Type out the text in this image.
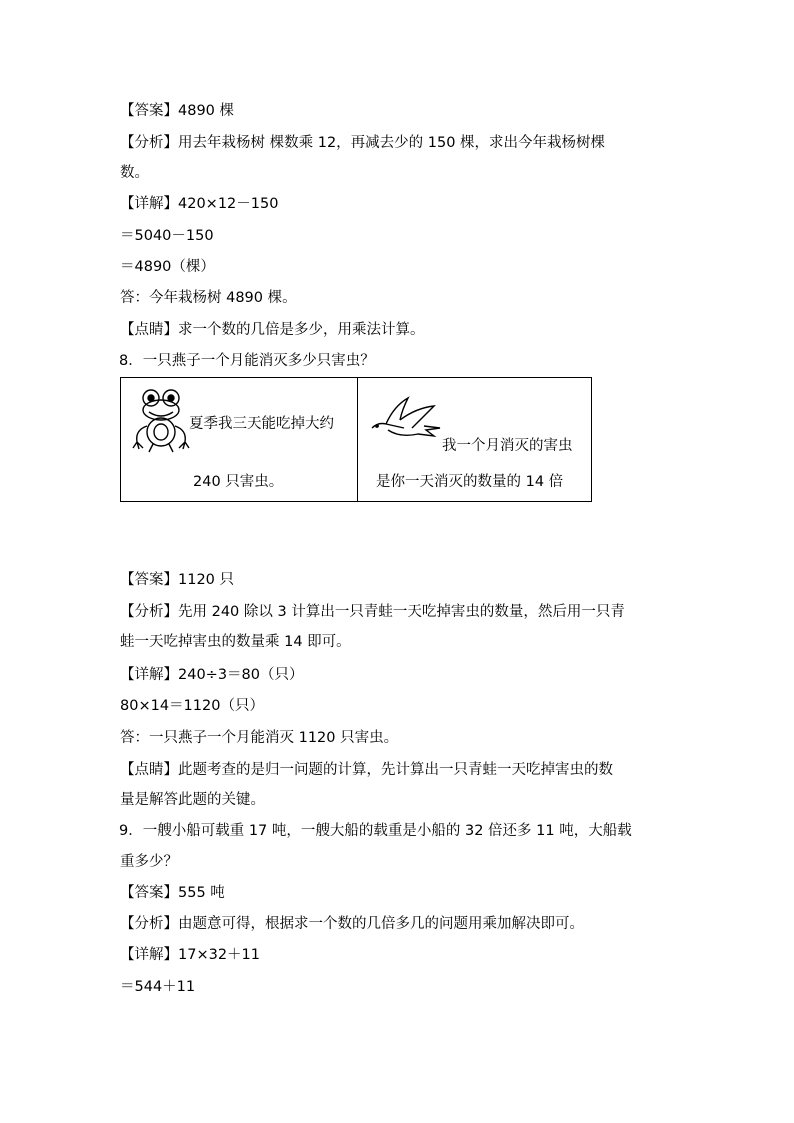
【答案】4890 棵
【分析】用去年栽杨树 棵数乘 12，再减去少的 150 棵，求出今年栽杨树棵
数。
【详解】420×12－150
＝5040－150
＝4890（棵）
答：今年栽杨树 4890 棵。
【点睛】求一个数的几倍是多少，用乘法计算。
8．一只燕子一个月能消灭多少只害虫？
夏季我三天能吃掉大约
240 只害虫。
我一个月消灭的害虫
是你一天消灭的数量的 14 倍
【答案】1120 只
【分析】先用 240 除以 3 计算出一只青蛙一天吃掉害虫的数量，然后用一只青
蛙一天吃掉害虫的数量乘 14 即可。
【详解】240÷3＝80（只）
80×14＝1120（只）
答：一只燕子一个月能消灭 1120 只害虫。
【点睛】此题考查的是归一问题的计算，先计算出一只青蛙一天吃掉害虫的数
量是解答此题的关键。
9．一艘小船可载重 17 吨，一艘大船的载重是小船的 32 倍还多 11 吨，大船载
重多少？
【答案】555 吨
【分析】由题意可得，根据求一个数的几倍多几的问题用乘加解决即可。
【详解】17×32＋11
＝544＋11
